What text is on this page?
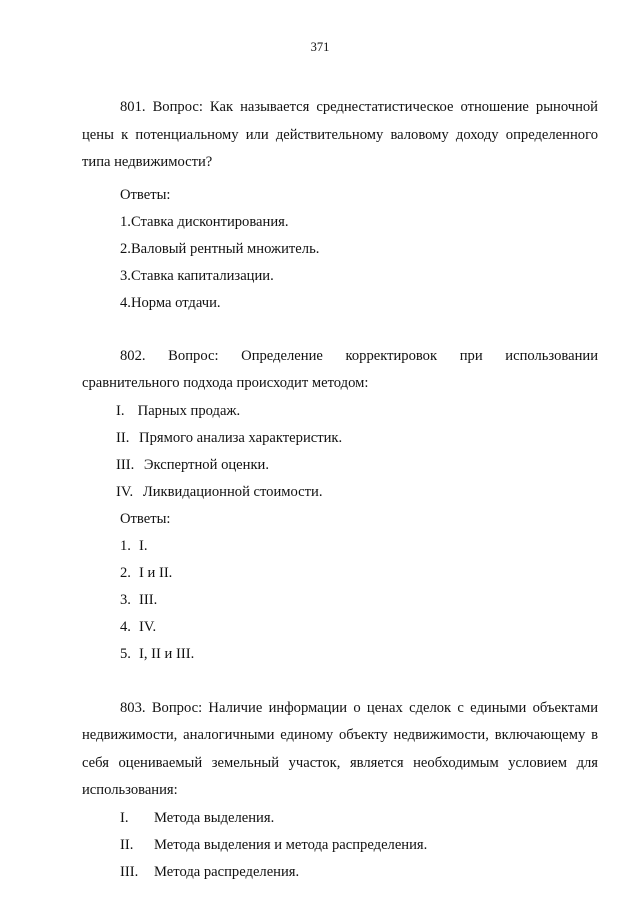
371

801. Вопрос: Как называется среднестатистическое отношение рыночной цены к потенциальному или действительному валовому доходу определенного типа недвижимости?

Ответы:
1.Ставка дисконтирования.
2.Валовый рентный множитель.
3.Ставка капитализации.
4.Норма отдачи.

802. Вопрос: Определение корректировок при использовании сравнительного подхода происходит методом:

I. Парных продаж.
II. Прямого анализа характеристик.
III. Экспертной оценки.
IV. Ликвидационной стоимости.
Ответы:
1. I.
2. I и II.
3. III.
4. IV.
5. I, II и III.

803. Вопрос: Наличие информации о ценах сделок с едиными объектами недвижимости, аналогичными единому объекту недвижимости, включающему в себя оцениваемый земельный участок, является необходимым условием для использования:

I. Метода выделения.
II. Метода выделения и метода распределения.
III. Метода распределения.
